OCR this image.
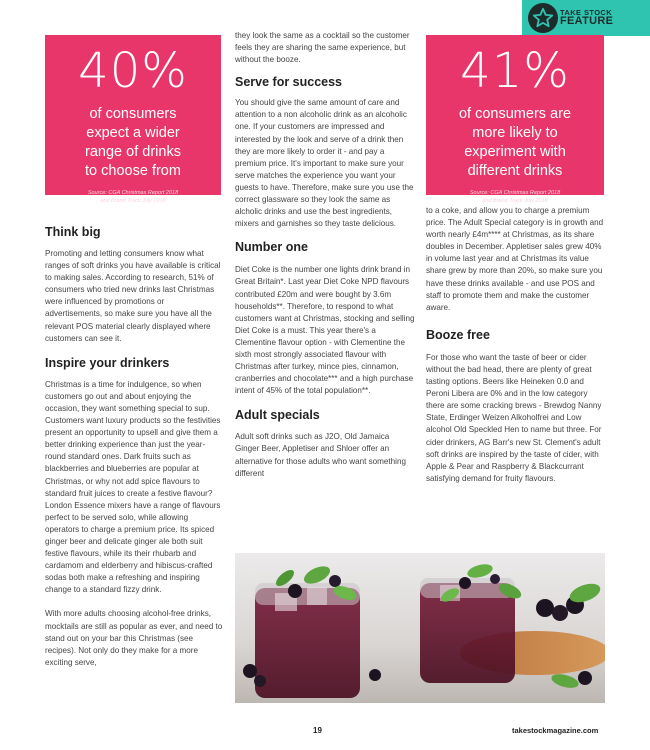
TAKE STOCK
FEATURE
40%
of consumers
expect a wider
range of drinks
to choose from
Source: CGA Christmas Report 2018
and Brand Track July 2018
41%
of consumers are
more likely to
experiment with
different drinks
Source: CGA Christmas Report 2018
and Brand Track July 2018
Think big

Promoting and letting consumers know what ranges of soft drinks you have available is critical to making sales. According to research, 51% of consumers who tried new drinks last Christmas were influenced by promotions or advertisements, so make sure you have all the relevant POS material clearly displayed where customers can see it.

Inspire your drinkers

Christmas is a time for indulgence, so when customers go out and about enjoying the occasion, they want something special to sup. Customers want luxury products so the festivities present an opportunity to upsell and give them a better drinking experience than just the year-round standard ones. Dark fruits such as blackberries and blueberries are popular at Christmas, or why not add spice flavours to standard fruit juices to create a festive flavour? London Essence mixers have a range of flavours perfect to be served solo, while allowing operators to charge a premium price. Its spiced ginger beer and delicate ginger ale both suit festive flavours, while its their rhubarb and cardamom and elderberry and hibiscus-crafted sodas both make a refreshing and inspiring change to a standard fizzy drink.

With more adults choosing alcohol-free drinks, mocktails are still as popular as ever, and need to stand out on your bar this Christmas (see recipes). Not only do they make for a more exciting serve,

they look the same as a cocktail so the customer feels they are sharing the same experience, but without the booze.

Serve for success

You should give the same amount of care and attention to a non alcoholic drink as an alcoholic one. If your customers are impressed and interested by the look and serve of a drink then they are more likely to order it - and pay a premium price. It's important to make sure your serve matches the experience you want your guests to have. Therefore, make sure you use the correct glassware so they look the same as alcholic drinks and use the best ingredients, mixers and garnishes so they taste delicious.

Number one

Diet Coke is the number one lights drink brand in Great Britain*. Last year Diet Coke NPD flavours contributed £20m and were bought by 3.6m households**. Therefore, to respond to what customers want at Christmas, stocking and selling Diet Coke is a must. This year there's a Clementine flavour option - with Clementine the sixth most strongly associated flavour with Christmas after turkey, mince pies, cinnamon, cranberries and chocolate*** and a high purchase intent of 45% of the total population**.

Adult specials

Adult soft drinks such as J2O, Old Jamaica Ginger Beer, Appletiser and Shloer offer an alternative for those adults who want something different

to a coke, and allow you to charge a premium price. The Adult Special category is in growth and worth nearly £4m**** at Christmas, as its share doubles in December. Appletiser sales grew 40% in volume last year and at Christmas its value share grew by more than 20%, so make sure you have these drinks available - and use POS and staff to promote them and make the customer aware.

Booze free

For those who want the taste of beer or cider without the bad head, there are plenty of great tasting options. Beers like Heineken 0.0 and Peroni Libera are 0% and in the low category there are some cracking brews - Brewdog Nanny State, Erdinger Weizen Alkoholfrei and Low alcohol Old Speckled Hen to name but three. For cider drinkers, AG Barr's new St. Clement's adult soft drinks are inspired by the taste of cider, with Apple & Pear and Raspberry & Blackcurrant satisfying demand for fruity flavours.

19	takestockmagazine.com
